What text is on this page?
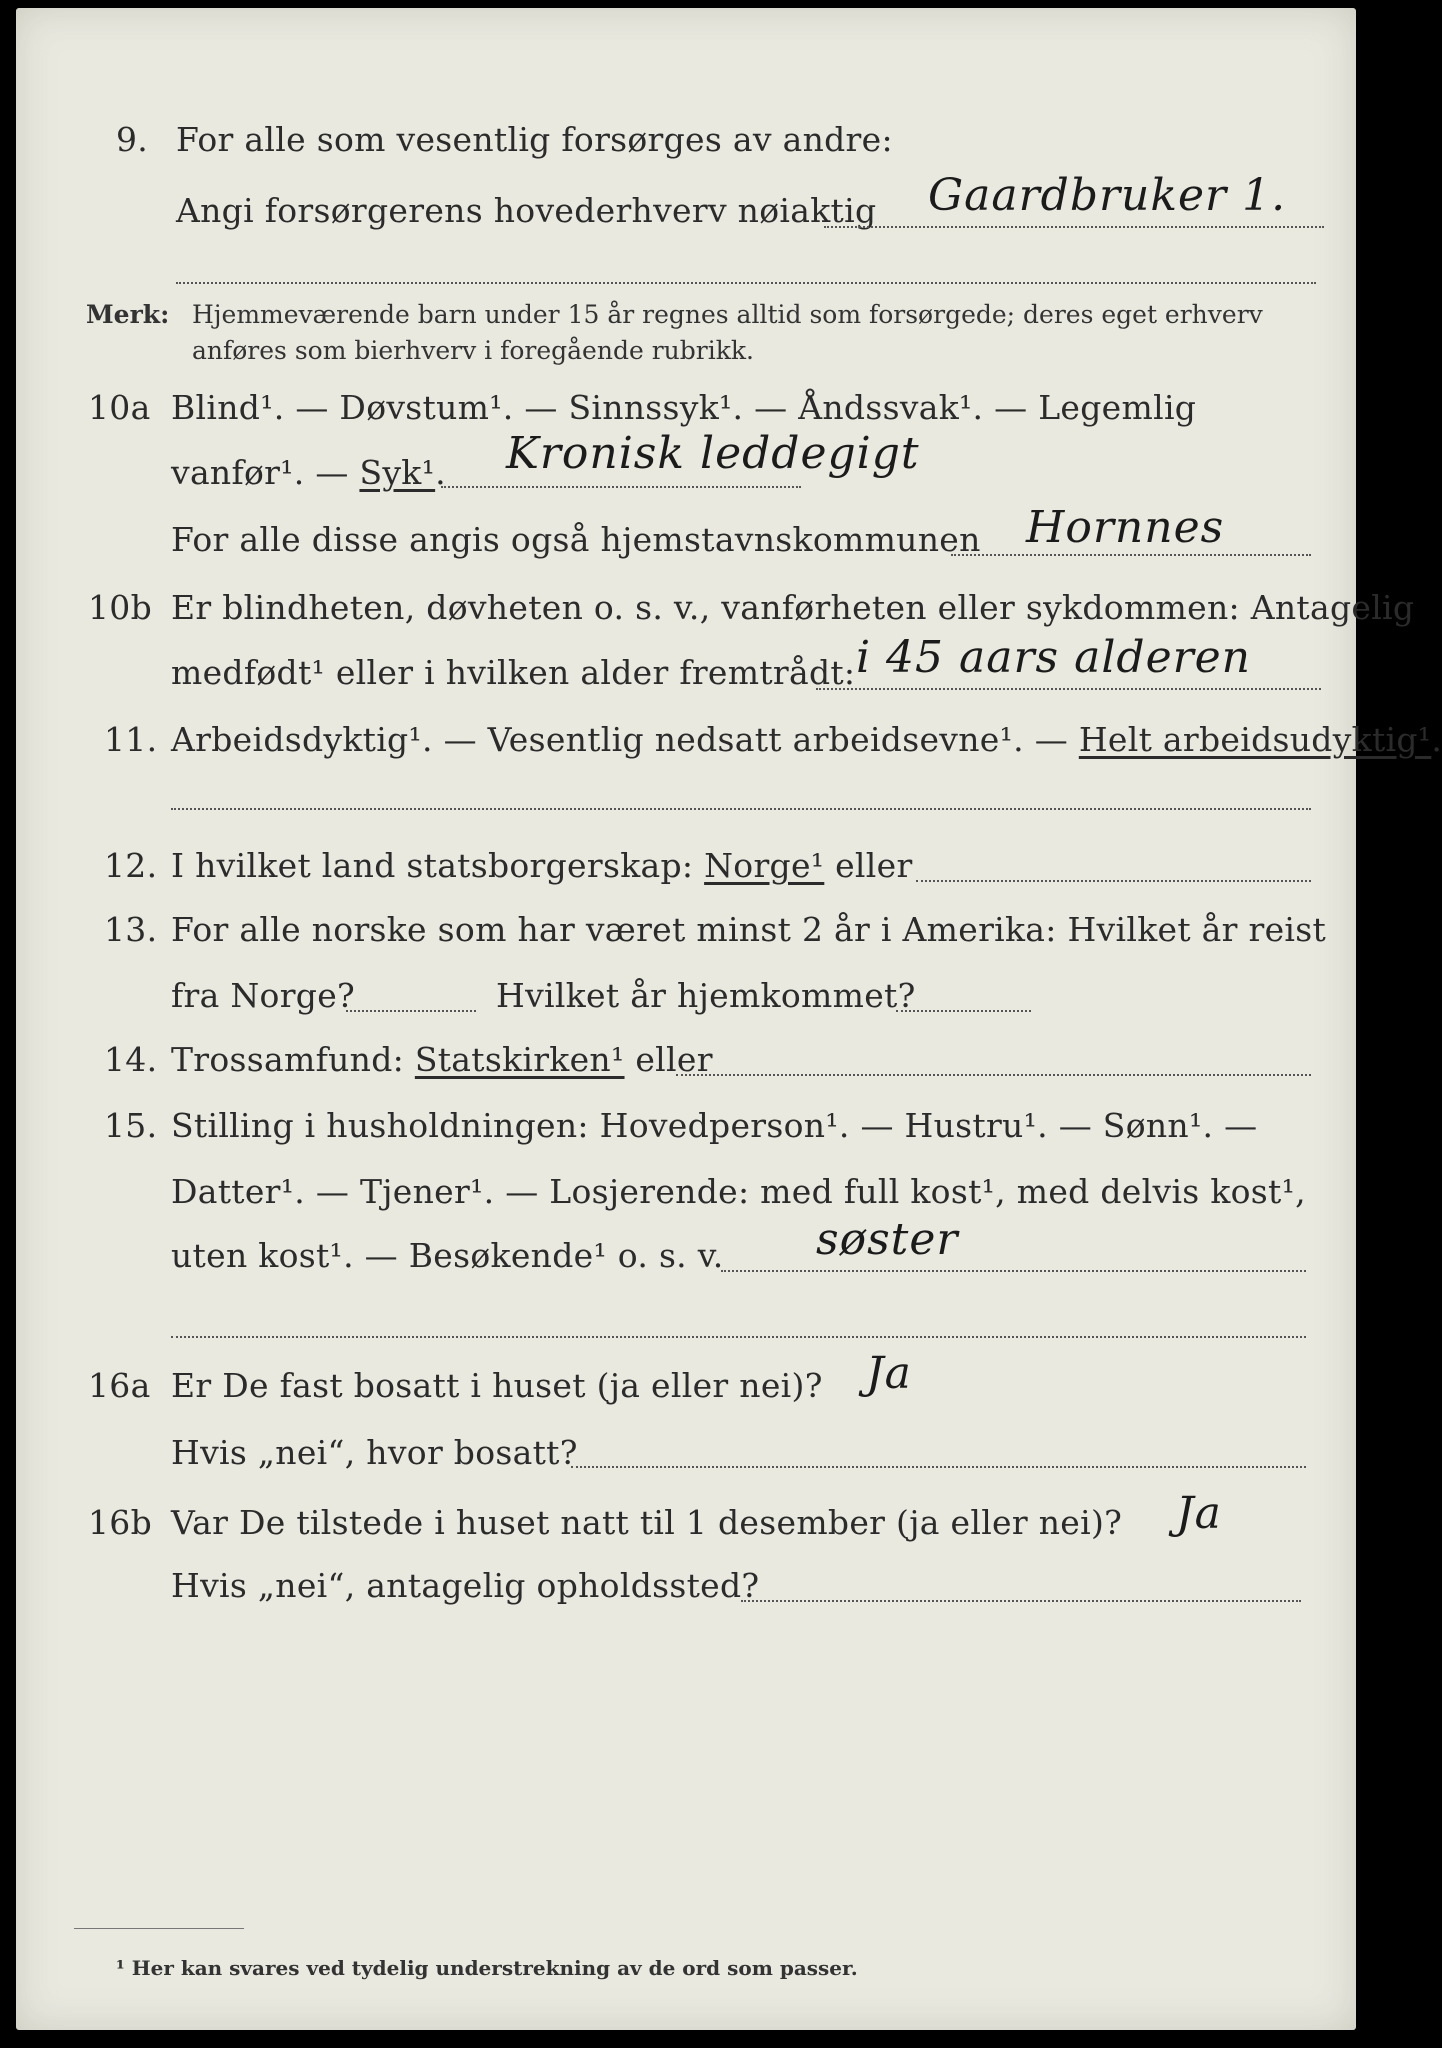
9. For alle som vesentlig forsørges av andre:
Angi forsørgerens hovederhverv nøiaktig Gaardbruker 1.
Merk: Hjemmeværende barn under 15 år regnes alltid som forsørgede; deres eget erhverv
anføres som bierhverv i foregående rubrikk.
10a Blind¹. — Døvstum¹. — Sinnssyk¹. — Åndssvak¹. — Legemlig
vanfør¹. — Syk¹. Kronisk leddegigt
For alle disse angis også hjemstavnskommunen Hornnes
10b Er blindheten, døvheten o. s. v., vanførheten eller sykdommen: Antagelig
medfødt¹ eller i hvilken alder fremtrådt: i 45 aars alderen
11. Arbeidsdyktig¹. — Vesentlig nedsatt arbeidsevne¹. — Helt arbeidsudyktig¹.
12. I hvilket land statsborgerskap: Norge¹ eller
13. For alle norske som har været minst 2 år i Amerika: Hvilket år reist
fra Norge?	Hvilket år hjemkommet?
14. Trossamfund: Statskirken¹ eller
15. Stilling i husholdningen: Hovedperson¹. — Hustru¹. — Sønn¹. —
Datter¹. — Tjener¹. — Losjerende: med full kost¹, med delvis kost¹,
uten kost¹. — Besøkende¹ o. s. v. søster
16a Er De fast bosatt i huset (ja eller nei)? Ja
Hvis „nei“, hvor bosatt?
16b Var De tilstede i huset natt til 1 desember (ja eller nei)? Ja
Hvis „nei“, antagelig opholdssted?
¹ Her kan svares ved tydelig understrekning av de ord som passer.
